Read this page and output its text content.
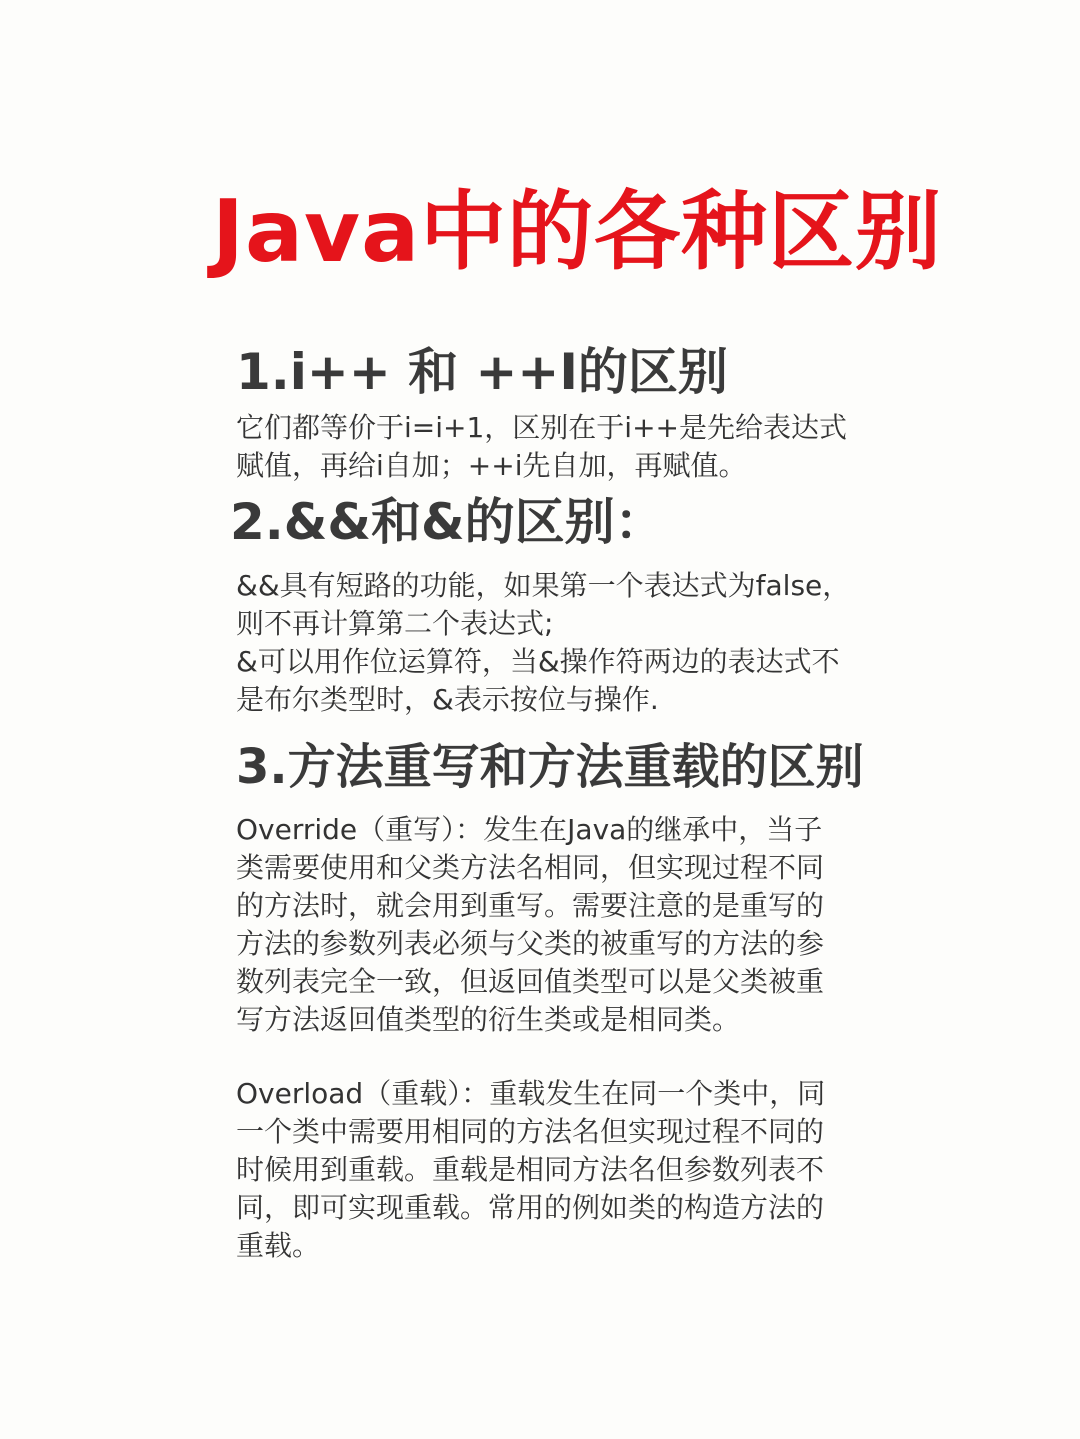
Java中的各种区别
1.i++ 和 ++I的区别
它们都等价于i=i+1，区别在于i++是先给表达式
赋值，再给i自加；++i先自加，再赋值。
2.&&和&的区别：
&&具有短路的功能，如果第一个表达式为false，
则不再计算第二个表达式;
&可以用作位运算符，当&操作符两边的表达式不
是布尔类型时，&表示按位与操作.
3.方法重写和方法重载的区别
Override（重写）：发生在Java的继承中，当子
类需要使用和父类方法名相同，但实现过程不同
的方法时，就会用到重写。需要注意的是重写的
方法的参数列表必须与父类的被重写的方法的参
数列表完全一致，但返回值类型可以是父类被重
写方法返回值类型的衍生类或是相同类。
Overload（重载）：重载发生在同一个类中，同
一个类中需要用相同的方法名但实现过程不同的
时候用到重载。重载是相同方法名但参数列表不
同，即可实现重载。常用的例如类的构造方法的
重载。
